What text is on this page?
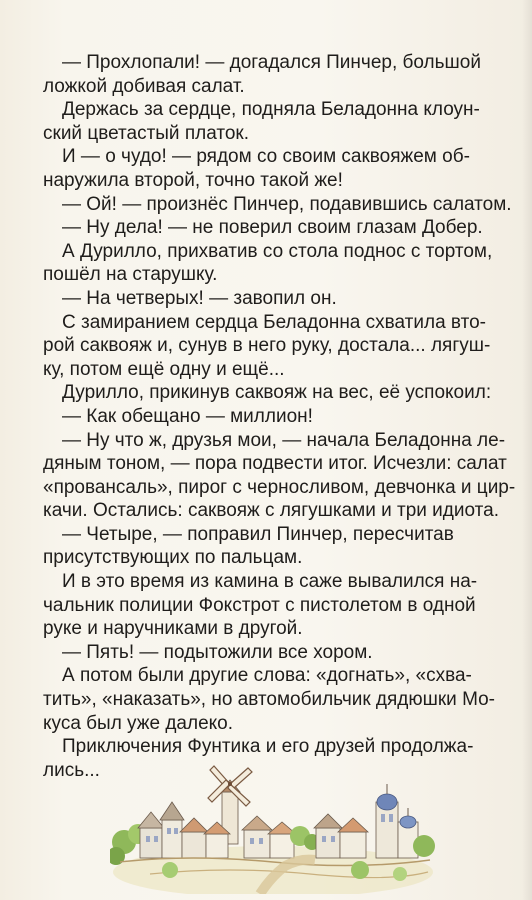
— Прохлопали! — догадался Пинчер, большой
ложкой добивая салат.
Держась за сердце, подняла Беладонна клоун-
ский цветастый платок.
И — о чудо! — рядом со своим саквояжем об-
наружила второй, точно такой же!
— Ой! — произнёс Пинчер, подавившись салатом.
— Ну дела! — не поверил своим глазам Добер.
А Дурилло, прихватив со стола поднос с тортом,
пошёл на старушку.
— На четверых! — завопил он.
С замиранием сердца Беладонна схватила вто-
рой саквояж и, сунув в него руку, достала... лягуш-
ку, потом ещё одну и ещё...
Дурилло, прикинув саквояж на вес, её успокоил:
— Как обещано — миллион!
— Ну что ж, друзья мои, — начала Беладонна ле-
дяным тоном, — пора подвести итог. Исчезли: салат
«провансаль», пирог с черносливом, девчонка и цир-
качи. Остались: саквояж с лягушками и три идиота.
— Четыре, — поправил Пинчер, пересчитав
присутствующих по пальцам.
И в это время из камина в саже вывалился на-
чальник полиции Фокстрот с пистолетом в одной
руке и наручниками в другой.
— Пять! — подытожили все хором.
А потом были другие слова: «догнать», «схва-
тить», «наказать», но автомобильчик дядюшки Мо-
куса был уже далеко.
Приключения Фунтика и его друзей продолжа-
лись...
